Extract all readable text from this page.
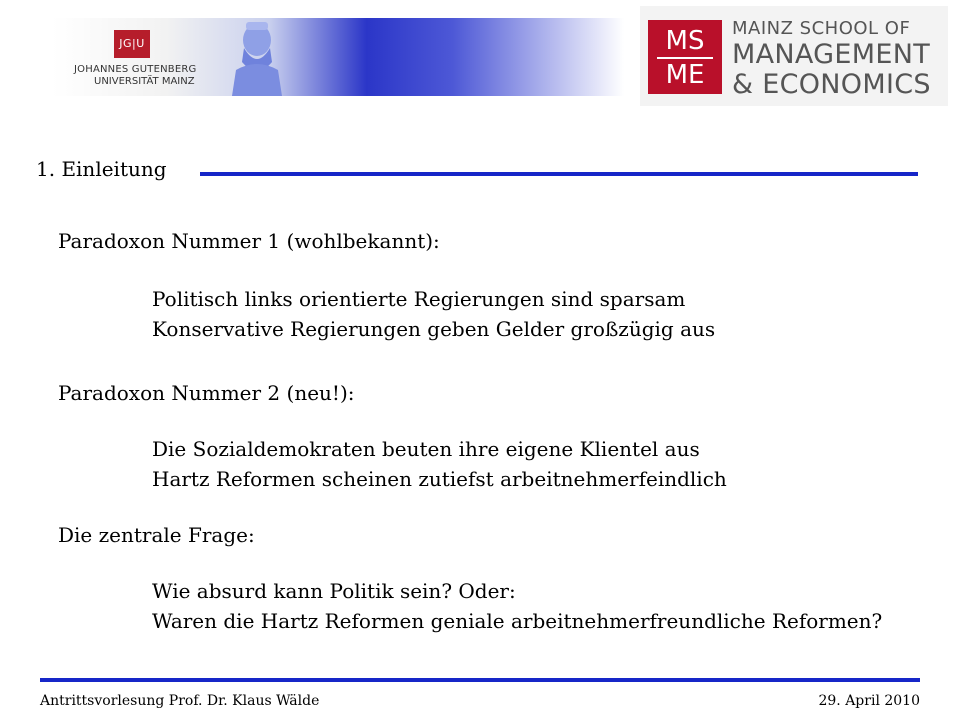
JG|U
JOHANNES GUTENBERG
UNIVERSITÄT MAINZ
MS
ME
MAINZ SCHOOL OF
MANAGEMENT
& ECONOMICS
1. Einleitung
Paradoxon Nummer 1 (wohlbekannt):
Politisch links orientierte Regierungen sind sparsam
Konservative Regierungen geben Gelder großzügig aus
Paradoxon Nummer 2 (neu!):
Die Sozialdemokraten beuten ihre eigene Klientel aus
Hartz Reformen scheinen zutiefst arbeitnehmerfeindlich
Die zentrale Frage:
Wie absurd kann Politik sein? Oder:
Waren die Hartz Reformen geniale arbeitnehmerfreundliche Reformen?
Antrittsvorlesung Prof. Dr. Klaus Wälde	29. April 2010
